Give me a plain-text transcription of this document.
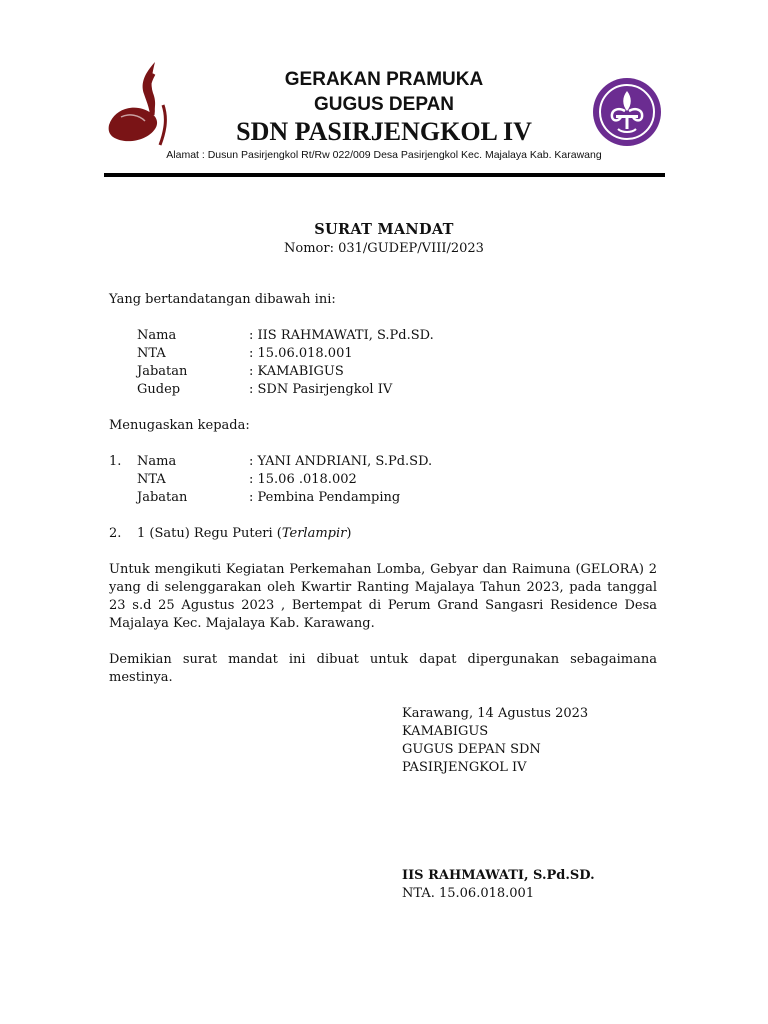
GERAKAN PRAMUKA
GUGUS DEPAN
SDN PASIRJENGKOL IV
Alamat : Dusun Pasirjengkol Rt/Rw 022/009 Desa Pasirjengkol Kec. Majalaya Kab. Karawang
SURAT MANDAT
Nomor: 031/GUDEP/VIII/2023
Yang bertandatangan dibawah ini:
Nama	: IIS RAHMAWATI, S.Pd.SD.
NTA	: 15.06.018.001
Jabatan	: KAMABIGUS
Gudep	: SDN Pasirjengkol IV
Menugaskan kepada:
1. Nama	: YANI ANDRIANI, S.Pd.SD.
NTA	: 15.06 .018.002
Jabatan	: Pembina Pendamping
2. 1 (Satu) Regu Puteri (Terlampir)
Untuk mengikuti Kegiatan Perkemahan Lomba, Gebyar dan Raimuna (GELORA) 2 yang di selenggarakan oleh Kwartir Ranting Majalaya Tahun 2023, pada tanggal 23 s.d 25 Agustus 2023 , Bertempat di Perum Grand Sangasri Residence Desa Majalaya Kec. Majalaya Kab. Karawang.
Demikian surat mandat ini dibuat untuk dapat dipergunakan sebagaimana mestinya.
Karawang, 14 Agustus 2023
KAMABIGUS
GUGUS DEPAN SDN
PASIRJENGKOL IV
IIS RAHMAWATI, S.Pd.SD.
NTA. 15.06.018.001
